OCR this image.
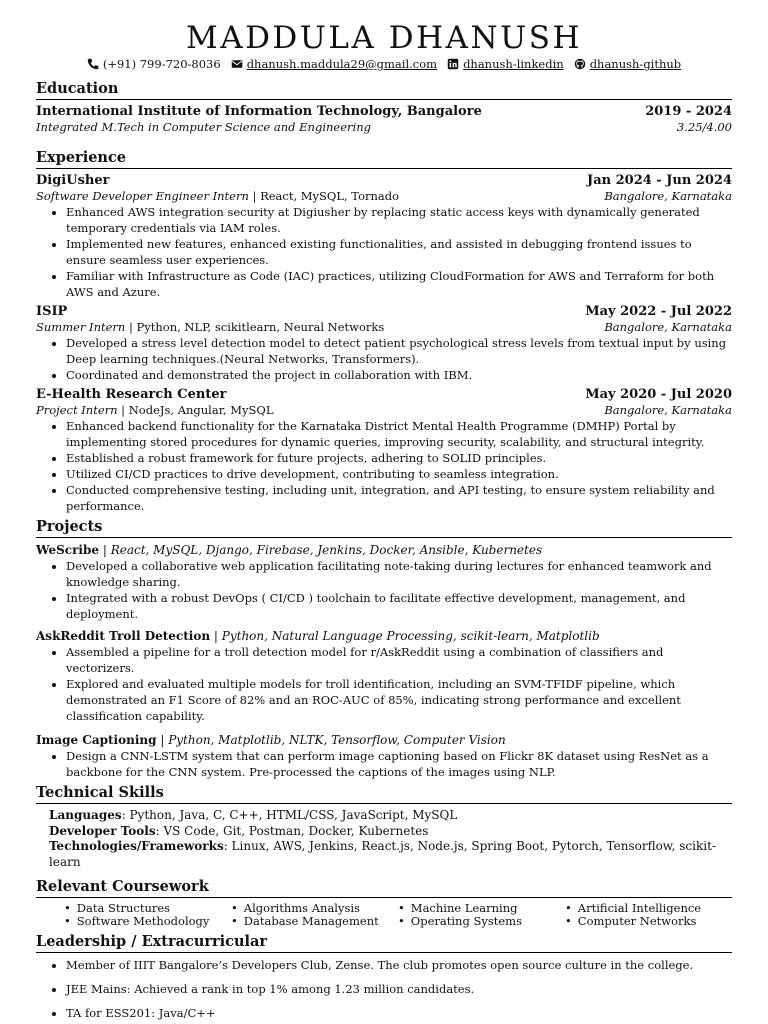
MADDULA DHANUSH
(+91) 799-720-8036 dhanush.maddula29@gmail.com dhanush-linkedin dhanush-github
Education
International Institute of Information Technology, Bangalore	2019 - 2024
Integrated M.Tech in Computer Science and Engineering	3.25/4.00
Experience
DigiUsher	Jan 2024 - Jun 2024
Software Developer Engineer Intern | React, MySQL, Tornado	Bangalore, Karnataka
• Enhanced AWS integration security at Digiusher by replacing static access keys with dynamically generated temporary credentials via IAM roles.
• Implemented new features, enhanced existing functionalities, and assisted in debugging frontend issues to ensure seamless user experiences.
• Familiar with Infrastructure as Code (IAC) practices, utilizing CloudFormation for AWS and Terraform for both AWS and Azure.
ISIP	May 2022 - Jul 2022
Summer Intern | Python, NLP, scikitlearn, Neural Networks	Bangalore, Karnataka
• Developed a stress level detection model to detect patient psychological stress levels from textual input by using Deep learning techniques.(Neural Networks, Transformers).
• Coordinated and demonstrated the project in collaboration with IBM.
E-Health Research Center	May 2020 - Jul 2020
Project Intern | NodeJs, Angular, MySQL	Bangalore, Karnataka
• Enhanced backend functionality for the Karnataka District Mental Health Programme (DMHP) Portal by implementing stored procedures for dynamic queries, improving security, scalability, and structural integrity.
• Established a robust framework for future projects, adhering to SOLID principles.
• Utilized CI/CD practices to drive development, contributing to seamless integration.
• Conducted comprehensive testing, including unit, integration, and API testing, to ensure system reliability and performance.
Projects
WeScribe | React, MySQL, Django, Firebase, Jenkins, Docker, Ansible, Kubernetes
• Developed a collaborative web application facilitating note-taking during lectures for enhanced teamwork and knowledge sharing.
• Integrated with a robust DevOps ( CI/CD ) toolchain to facilitate effective development, management, and deployment.
AskReddit Troll Detection | Python, Natural Language Processing, scikit-learn, Matplotlib
• Assembled a pipeline for a troll detection model for r/AskReddit using a combination of classifiers and vectorizers.
• Explored and evaluated multiple models for troll identification, including an SVM-TFIDF pipeline, which demonstrated an F1 Score of 82% and an ROC-AUC of 85%, indicating strong performance and excellent classification capability.
Image Captioning | Python, Matplotlib, NLTK, Tensorflow, Computer Vision
• Design a CNN-LSTM system that can perform image captioning based on Flickr 8K dataset using ResNet as a backbone for the CNN system. Pre-processed the captions of the images using NLP.
Technical Skills
Languages: Python, Java, C, C++, HTML/CSS, JavaScript, MySQL
Developer Tools: VS Code, Git, Postman, Docker, Kubernetes
Technologies/Frameworks: Linux, AWS, Jenkins, React.js, Node.js, Spring Boot, Pytorch, Tensorflow, scikit-learn
Relevant Coursework
• Data Structures	• Algorithms Analysis	• Machine Learning	• Artificial Intelligence
• Software Methodology	• Database Management	• Operating Systems	• Computer Networks
Leadership / Extracurricular
• Member of IIIT Bangalore’s Developers Club, Zense. The club promotes open source culture in the college.
• JEE Mains: Achieved a rank in top 1% among 1.23 million candidates.
• TA for ESS201: Java/C++
